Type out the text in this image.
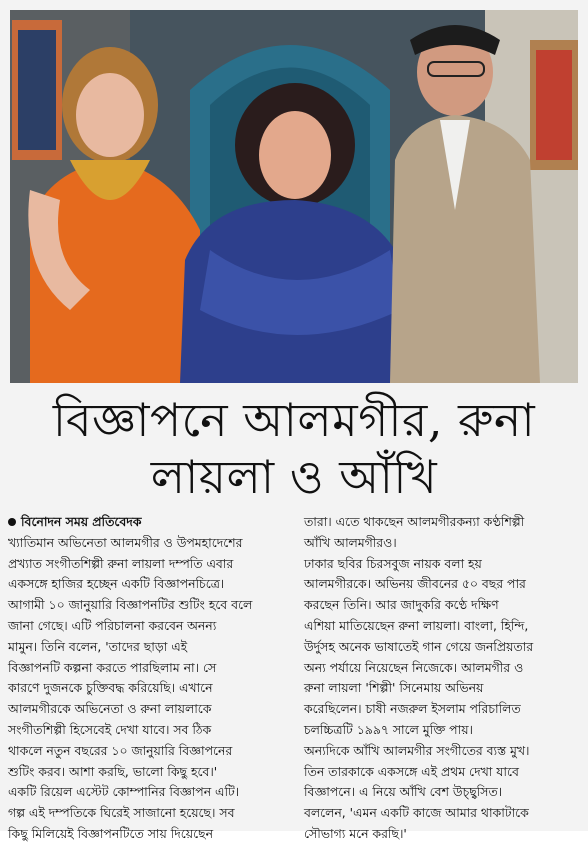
বিজ্ঞাপনে আলমগীর, রুনা
লায়লা ও আঁখি
বিনোদন সময় প্রতিবেদক

খ্যাতিমান অভিনেতা আলমগীর ও উপমহাদেশের

প্রখ্যাত সংগীতশিল্পী রুনা লায়লা দম্পতি এবার

একসঙ্গে হাজির হচ্ছেন একটি বিজ্ঞাপনচিত্রে।

আগামী ১০ জানুয়ারি বিজ্ঞাপনটির শুটিং হবে বলে

জানা গেছে। এটি পরিচালনা করবেন অনন্য

মামুন। তিনি বলেন, 'তাদের ছাড়া এই

বিজ্ঞাপনটি কল্পনা করতে পারছিলাম না। সে

কারণে দুজনকে চুক্তিবদ্ধ করিয়েছি। এখানে

আলমগীরকে অভিনেতা ও রুনা লায়লাকে

সংগীতশিল্পী হিসেবেই দেখা যাবে। সব ঠিক

থাকলে নতুন বছরের ১০ জানুয়ারি বিজ্ঞাপনের

শুটিং করব। আশা করছি, ভালো কিছু হবে।'

একটি রিয়েল এস্টেট কোম্পানির বিজ্ঞাপন এটি।

গল্প এই দম্পতিকে ঘিরেই সাজানো হয়েছে। সব

কিছু মিলিয়েই বিজ্ঞাপনটিতে সায় দিয়েছেন

তারা। এতে থাকছেন আলমগীরকন্যা কণ্ঠশিল্পী

আঁখি আলমগীরও।

ঢাকার ছবির চিরসবুজ নায়ক বলা হয়

আলমগীরকে। অভিনয় জীবনের ৫০ বছর পার

করছেন তিনি। আর জাদুকরি কণ্ঠে দক্ষিণ

এশিয়া মাতিয়েছেন রুনা লায়লা। বাংলা, হিন্দি,

উর্দুসহ অনেক ভাষাতেই গান গেয়ে জনপ্রিয়তার

অন্য পর্যায়ে নিয়েছেন নিজেকে। আলমগীর ও

রুনা লায়লা 'শিল্পী' সিনেমায় অভিনয়

করেছিলেন। চাষী নজরুল ইসলাম পরিচালিত

চলচ্চিত্রটি ১৯৯৭ সালে মুক্তি পায়।

অন্যদিকে আঁখি আলমগীর সংগীতের ব্যস্ত মুখ।

তিন তারকাকে একসঙ্গে এই প্রথম দেখা যাবে

বিজ্ঞাপনে। এ নিয়ে আঁখি বেশ উচ্ছ্বসিত।

বললেন, 'এমন একটি কাজে আমার থাকাটাকে

সৌভাগ্য মনে করছি।'
